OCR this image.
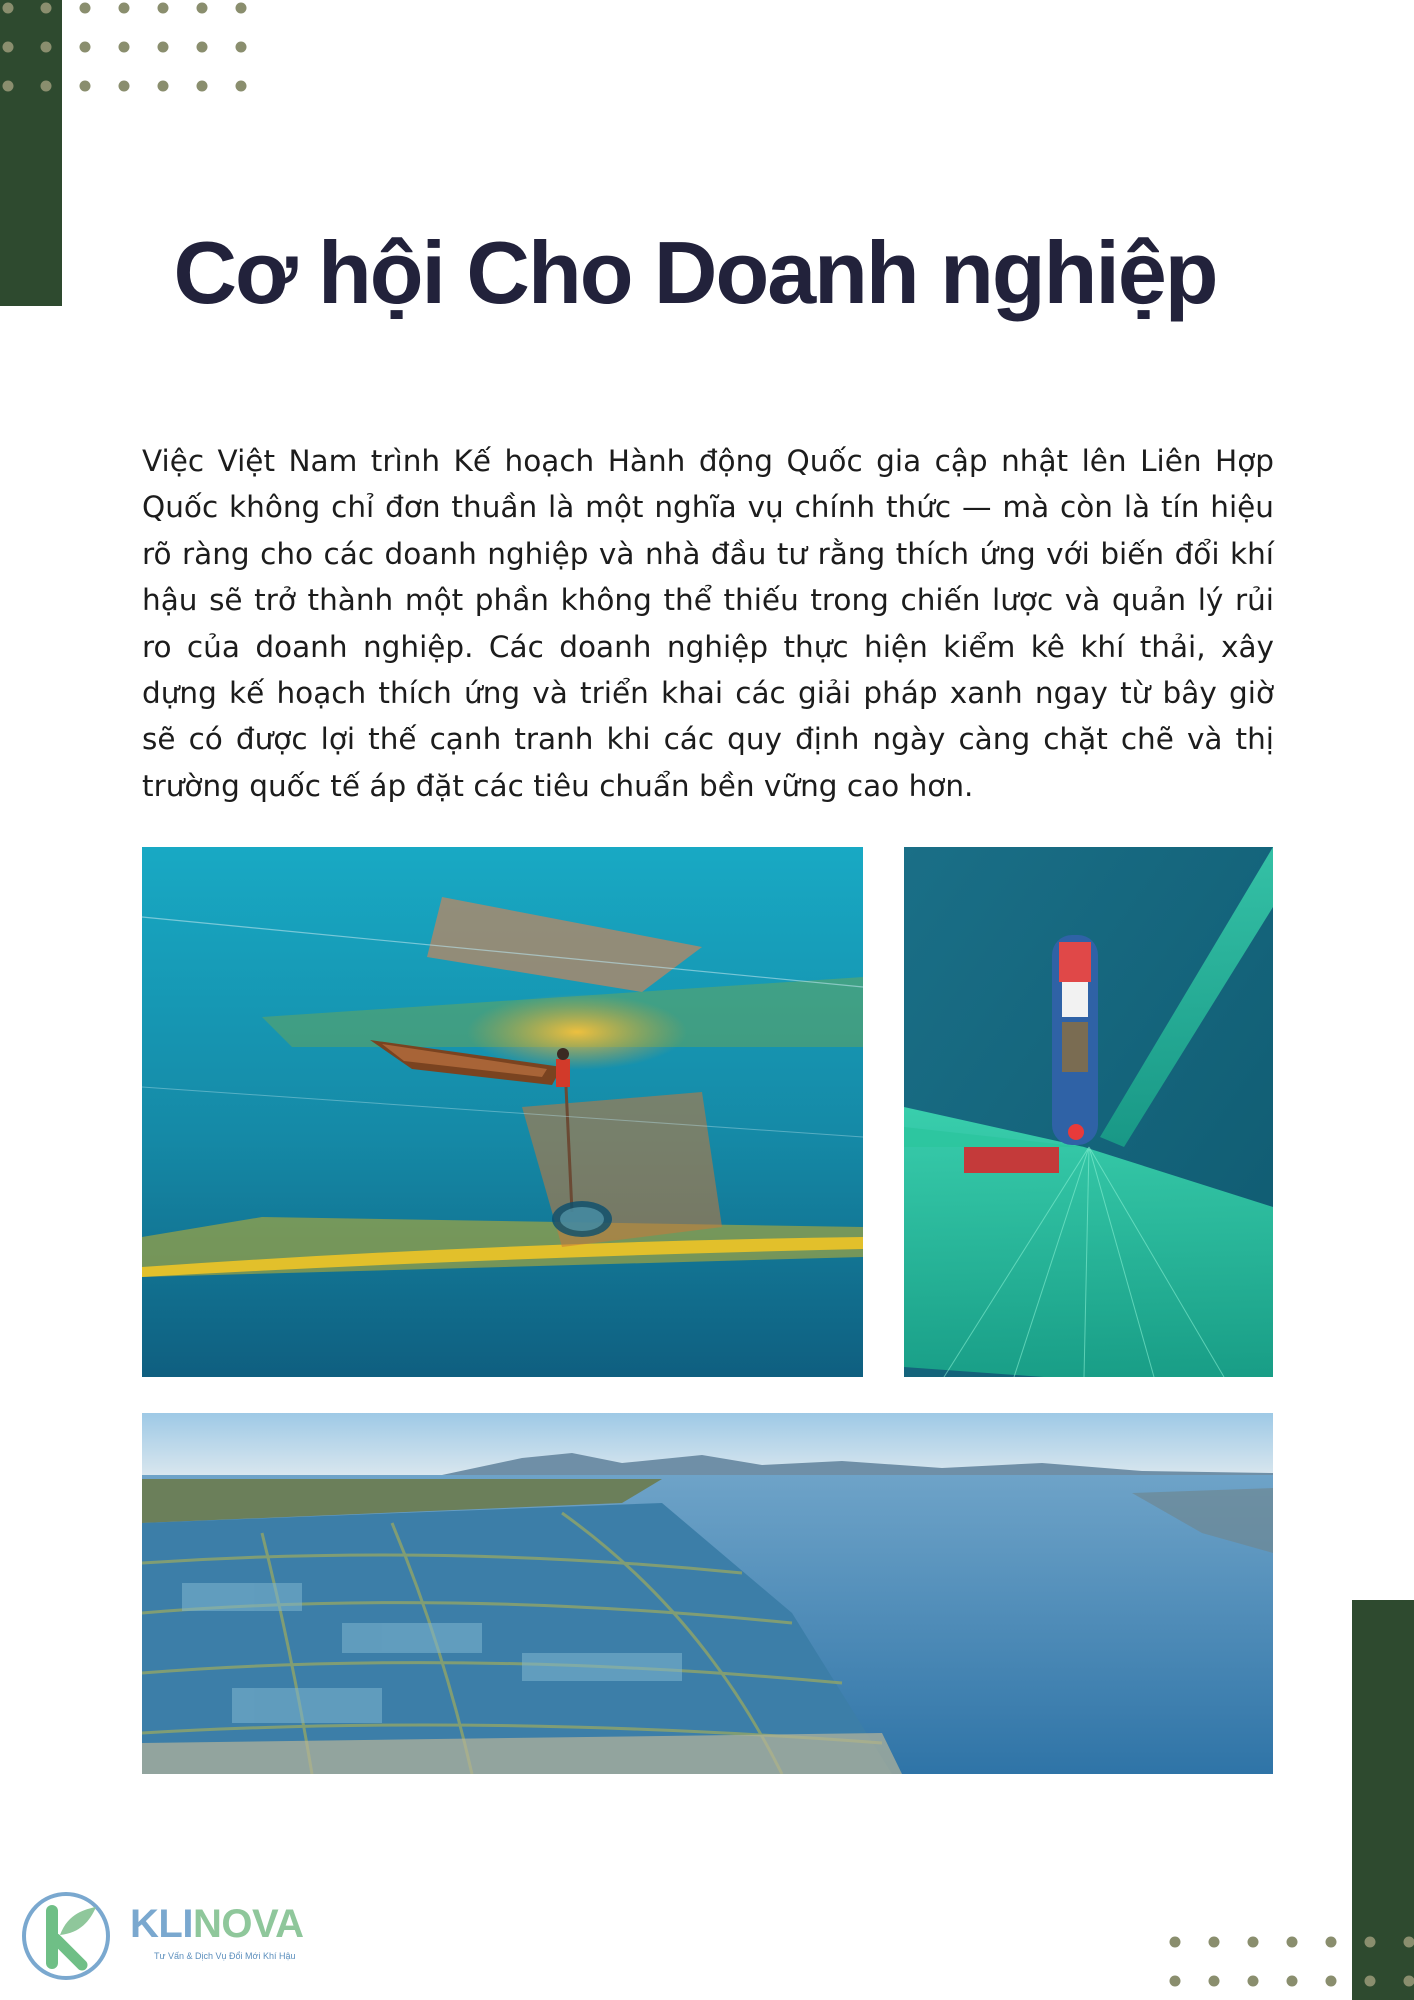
Cơ hội Cho Doanh nghiệp

Việc Việt Nam trình Kế hoạch Hành động Quốc gia cập nhật lên Liên Hợp Quốc không chỉ đơn thuần là một nghĩa vụ chính thức — mà còn là tín hiệu rõ ràng cho các doanh nghiệp và nhà đầu tư rằng thích ứng với biến đổi khí hậu sẽ trở thành một phần không thể thiếu trong chiến lược và quản lý rủi ro của doanh nghiệp. Các doanh nghiệp thực hiện kiểm kê khí thải, xây dựng kế hoạch thích ứng và triển khai các giải pháp xanh ngay từ bây giờ sẽ có được lợi thế cạnh tranh khi các quy định ngày càng chặt chẽ và thị trường quốc tế áp đặt các tiêu chuẩn bền vững cao hơn.

KLINOVA
Tư Vấn & Dịch Vụ Đổi Mới Khí Hậu
